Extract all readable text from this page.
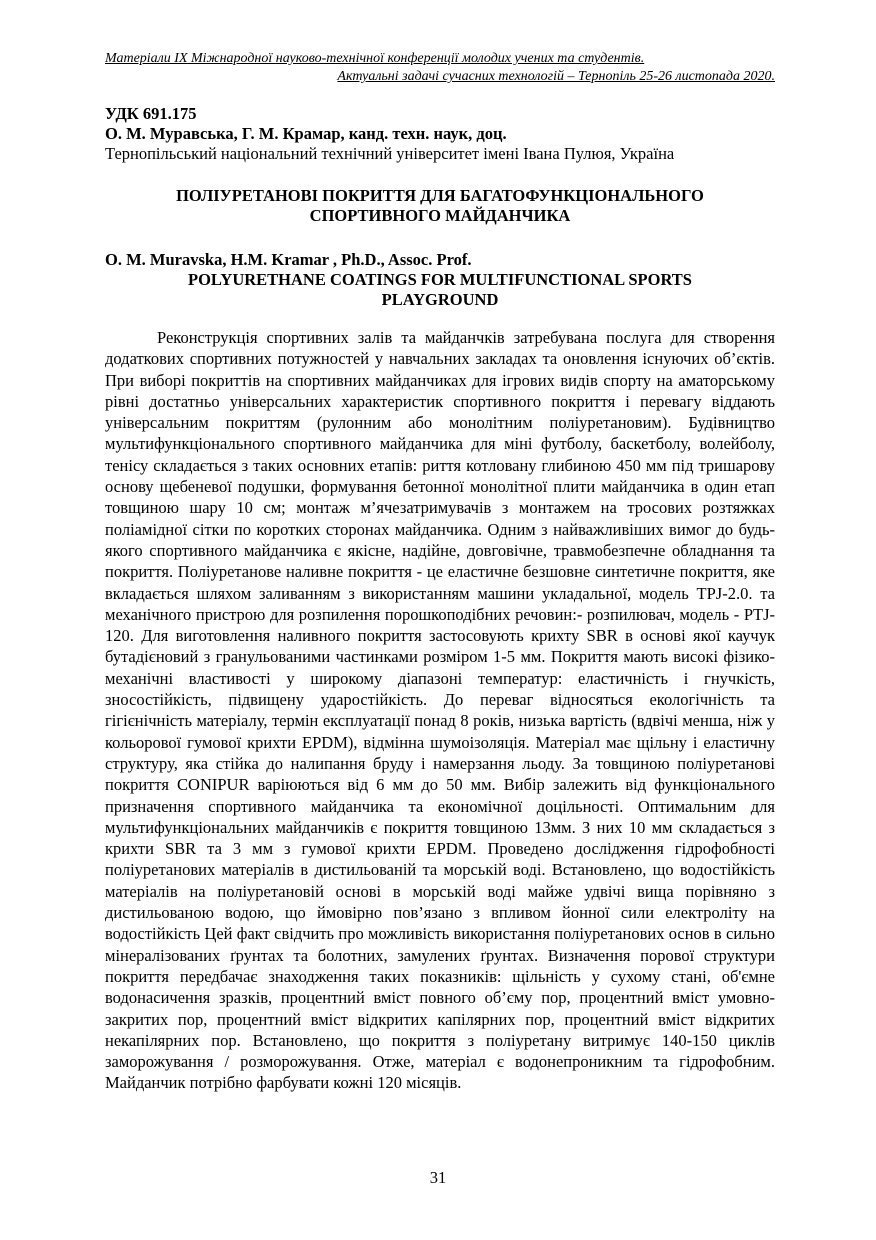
Матеріали IX Міжнародної науково-технічної конференції молодих учених та студентів.
Актуальні задачі сучасних технологій – Тернопіль 25-26 листопада 2020.
УДК 691.175
О. М. Муравська, Г. М. Крамар, канд. техн. наук, доц.
Тернопільський національний технічний університет імені Івана Пулюя, Україна
ПОЛІУРЕТАНОВІ ПОКРИТТЯ ДЛЯ БАГАТОФУНКЦІОНАЛЬНОГО
СПОРТИВНОГО МАЙДАНЧИКА
O. M. Muravska, H.M. Kramar , Ph.D., Assoc. Prof.
POLYURETHANE COATINGS FOR MULTIFUNCTIONAL SPORTS
PLAYGROUND

Реконструкція спортивних залів та майданчків затребувана послуга для створення додаткових спортивних потужностей у навчальних закладах та оновлення існуючих об’єктів. При виборі покриттів на спортивних майданчиках для ігрових видів спорту на аматорському рівні достатньо універсальних характеристик спортивного покриття і перевагу віддають універсальним покриттям (рулонним або монолітним поліуретановим). Будівництво мультифункціонального спортивного майданчика для міні футболу, баскетболу, волейболу, тенісу складається з таких основних етапів: риття котловану глибиною 450 мм під тришарову основу щебеневої подушки, формування бетонної монолітної плити майданчика в один етап товщиною шару 10 см; монтаж м’ячезатримувачів з монтажем на тросових розтяжках поліамідної сітки по коротких сторонах майданчика. Одним з найважливіших вимог до будь-якого спортивного майданчика є якісне, надійне, довговічне, травмобезпечне обладнання та покриття. Поліуретанове наливне покриття - це еластичне безшовне синтетичне покриття, яке вкладається шляхом заливанням з використанням машини укладальної, модель TPJ-2.0. та механічного пристрою для розпилення порошкоподібних речовин:- розпилювач, модель - PTJ-120. Для виготовлення наливного покриття застосовують крихту SBR в основі якої каучук бутадієновий з гранульованими частинками розміром 1-5 мм. Покриття мають високі фізико-механічні властивості у широкому діапазоні температур: еластичність і гнучкість, зносостійкість, підвищену ударостійкість. До переваг відносяться екологічність та гігієнічність матеріалу, термін експлуатації понад 8 років, низька вартість (вдвічі менша, ніж у кольорової гумової крихти EPDM), відмінна шумоізоляція. Матеріал має щільну і еластичну структуру, яка стійка до налипання бруду і намерзання льоду. За товщиною поліуретанові покриття CONIPUR варіюються від 6 мм до 50 мм. Вибір залежить від функціонального призначення спортивного майданчика та економічної доцільності. Оптимальним для мультифункціональних майданчиків є покриття товщиною 13мм. З них 10 мм складається з крихти SBR та 3 мм з гумової крихти EPDM. Проведено дослідження гідрофобності поліуретанових матеріалів в дистильованій та морській воді. Встановлено, що водостійкість матеріалів на поліуретановій основі в морській воді майже удвічі вища порівняно з дистильованою водою, що ймовірно пов’язано з впливом йонної сили електроліту на водостійкість Цей факт свідчить про можливість використання поліуретанових основ в сильно мінералізованих ґрунтах та болотних, замулених ґрунтах. Визначення порової структури покриття передбачає знаходження таких показників: щільність у сухому стані, об'ємне водонасичення зразків, процентний вміст повного об’єму пор, процентний вміст умовно-закритих пор, процентний вміст відкритих капілярних пор, процентний вміст відкритих некапілярних пор. Встановлено, що покриття з поліуретану витримує 140-150 циклів заморожування / розморожування. Отже, матеріал є водонепроникним та гідрофобним. Майданчик потрібно фарбувати кожні 120 місяців.

31
